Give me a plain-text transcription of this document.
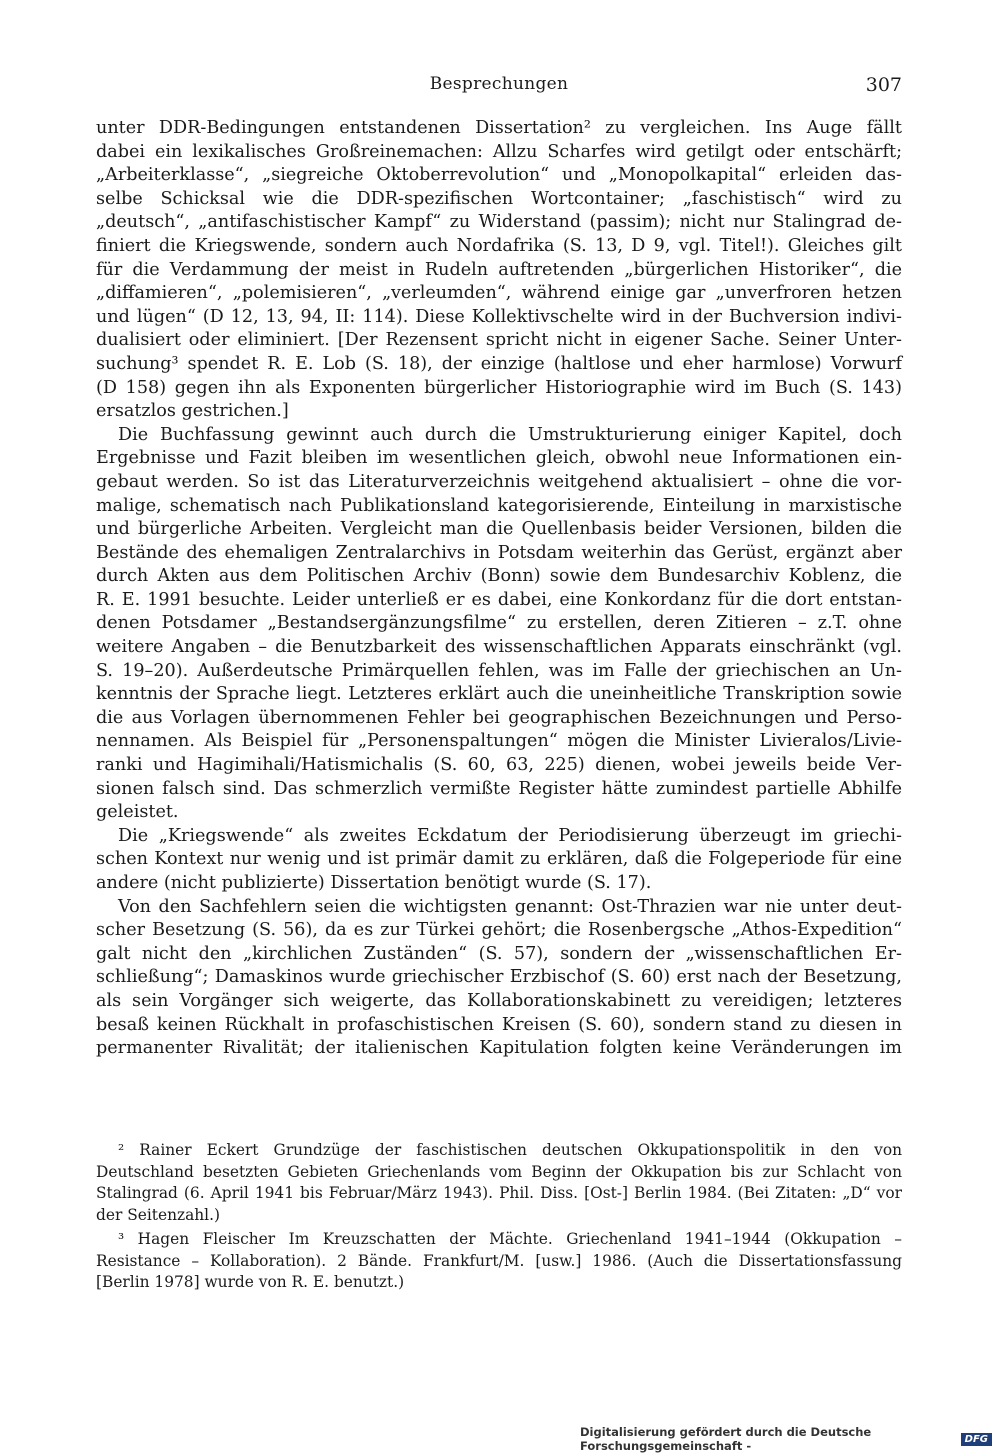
Besprechungen	307
unter DDR-Bedingungen entstandenen Dissertation² zu vergleichen. Ins Auge fällt
dabei ein lexikalisches Großreinemachen: Allzu Scharfes wird getilgt oder entschärft;
„Arbeiterklasse“, „siegreiche Oktoberrevolution“ und „Monopolkapital“ erleiden das-
selbe Schicksal wie die DDR-spezifischen Wortcontainer; „faschistisch“ wird zu
„deutsch“, „antifaschistischer Kampf“ zu Widerstand (passim); nicht nur Stalingrad de-
finiert die Kriegswende, sondern auch Nordafrika (S. 13, D 9, vgl. Titel!). Gleiches gilt
für die Verdammung der meist in Rudeln auftretenden „bürgerlichen Historiker“, die
„diffamieren“, „polemisieren“, „verleumden“, während einige gar „unverfroren hetzen
und lügen“ (D 12, 13, 94, II: 114). Diese Kollektivschelte wird in der Buchversion indivi-
dualisiert oder eliminiert. [Der Rezensent spricht nicht in eigener Sache. Seiner Unter-
suchung³ spendet R. E. Lob (S. 18), der einzige (haltlose und eher harmlose) Vorwurf
(D 158) gegen ihn als Exponenten bürgerlicher Historiographie wird im Buch (S. 143)
ersatzlos gestrichen.]
Die Buchfassung gewinnt auch durch die Umstrukturierung einiger Kapitel, doch
Ergebnisse und Fazit bleiben im wesentlichen gleich, obwohl neue Informationen ein-
gebaut werden. So ist das Literaturverzeichnis weitgehend aktualisiert – ohne die vor-
malige, schematisch nach Publikationsland kategorisierende, Einteilung in marxistische
und bürgerliche Arbeiten. Vergleicht man die Quellenbasis beider Versionen, bilden die
Bestände des ehemaligen Zentralarchivs in Potsdam weiterhin das Gerüst, ergänzt aber
durch Akten aus dem Politischen Archiv (Bonn) sowie dem Bundesarchiv Koblenz, die
R. E. 1991 besuchte. Leider unterließ er es dabei, eine Konkordanz für die dort entstan-
denen Potsdamer „Bestandsergänzungsfilme“ zu erstellen, deren Zitieren – z.T. ohne
weitere Angaben – die Benutzbarkeit des wissenschaftlichen Apparats einschränkt (vgl.
S. 19–20). Außerdeutsche Primärquellen fehlen, was im Falle der griechischen an Un-
kenntnis der Sprache liegt. Letzteres erklärt auch die uneinheitliche Transkription sowie
die aus Vorlagen übernommenen Fehler bei geographischen Bezeichnungen und Perso-
nennamen. Als Beispiel für „Personenspaltungen“ mögen die Minister Livieralos/Livie-
ranki und Hagimihali/Hatismichalis (S. 60, 63, 225) dienen, wobei jeweils beide Ver-
sionen falsch sind. Das schmerzlich vermißte Register hätte zumindest partielle Abhilfe
geleistet.
Die „Kriegswende“ als zweites Eckdatum der Periodisierung überzeugt im griechi-
schen Kontext nur wenig und ist primär damit zu erklären, daß die Folgeperiode für eine
andere (nicht publizierte) Dissertation benötigt wurde (S. 17).
Von den Sachfehlern seien die wichtigsten genannt: Ost-Thrazien war nie unter deut-
scher Besetzung (S. 56), da es zur Türkei gehört; die Rosenbergsche „Athos-Expedition“
galt nicht den „kirchlichen Zuständen“ (S. 57), sondern der „wissenschaftlichen Er-
schließung“; Damaskinos wurde griechischer Erzbischof (S. 60) erst nach der Besetzung,
als sein Vorgänger sich weigerte, das Kollaborationskabinett zu vereidigen; letzteres
besaß keinen Rückhalt in profaschistischen Kreisen (S. 60), sondern stand zu diesen in
permanenter Rivalität; der italienischen Kapitulation folgten keine Veränderungen im
² Rainer Eckert Grundzüge der faschistischen deutschen Okkupationspolitik in den von
Deutschland besetzten Gebieten Griechenlands vom Beginn der Okkupation bis zur Schlacht von
Stalingrad (6. April 1941 bis Februar/März 1943). Phil. Diss. [Ost-] Berlin 1984. (Bei Zitaten: „D“ vor
der Seitenzahl.)
³ Hagen Fleischer Im Kreuzschatten der Mächte. Griechenland 1941–1944 (Okkupation –
Resistance – Kollaboration). 2 Bände. Frankfurt/M. [usw.] 1986. (Auch die Dissertationsfassung
[Berlin 1978] wurde von R. E. benutzt.)
Digitalisierung gefördert durch die Deutsche Forschungsgemeinschaft -	DFG
